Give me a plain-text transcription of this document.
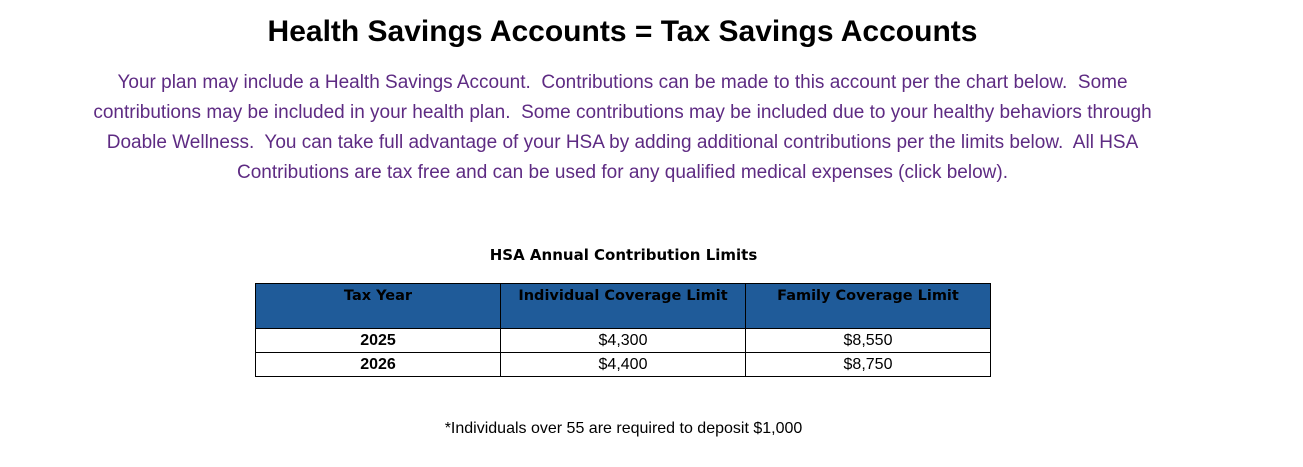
Health Savings Accounts = Tax Savings Accounts

Your plan may include a Health Savings Account.  Contributions can be made to this account per the chart below.  Some
contributions may be included in your health plan.  Some contributions may be included due to your healthy behaviors through
Doable Wellness.  You can take full advantage of your HSA by adding additional contributions per the limits below.  All HSA
Contributions are tax free and can be used for any qualified medical expenses (click below).

HSA Annual Contribution Limits
Tax Year	Individual Coverage Limit	Family Coverage Limit
2025	$4,300	$8,550
2026	$4,400	$8,750
*Individuals over 55 are required to deposit $1,000
